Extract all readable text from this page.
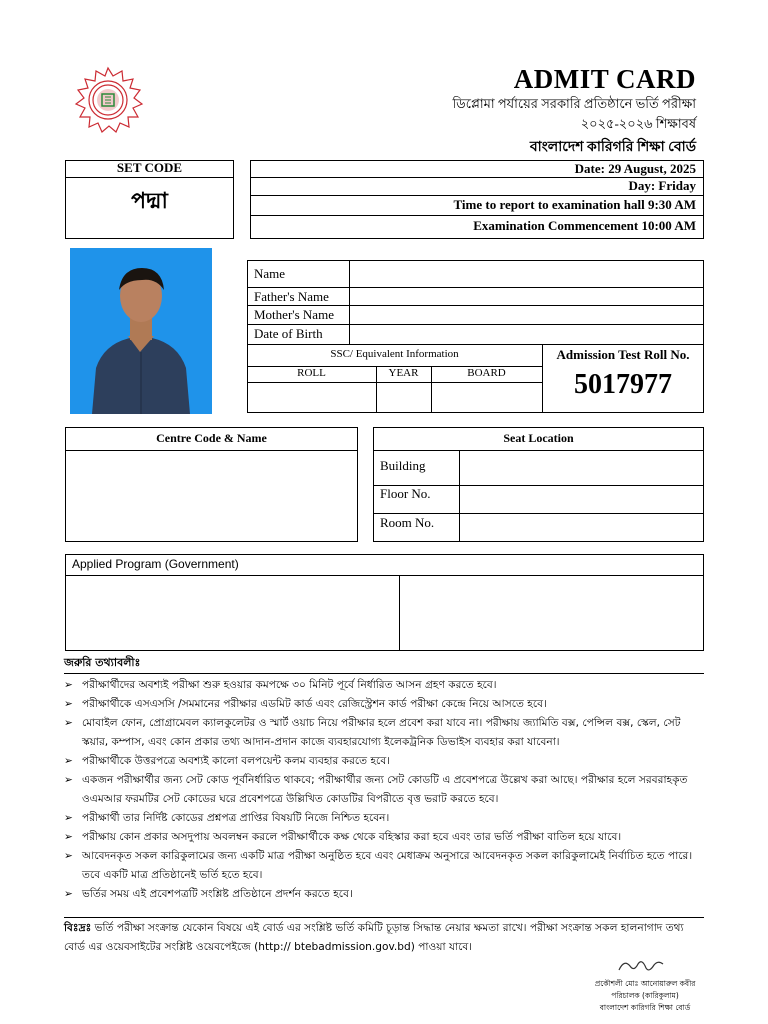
ADMIT CARD
ডিপ্লোমা পর্যায়ের সরকারি প্রতিষ্ঠানে ভর্তি পরীক্ষা
২০২৫-২০২৬ শিক্ষাবর্ষ
বাংলাদেশ কারিগরি শিক্ষা বোর্ড
SET CODE
পদ্মা
Date: 29 August, 2025
Day: Friday
Time to report to examination hall 9:30 AM
Examination Commencement 10:00 AM
Name
Father's Name
Mother's Name
Date of Birth
SSC/ Equivalent Information
ROLL	YEAR	BOARD
Admission Test Roll No.
5017977
Centre Code & Name	Seat Location
Building
Floor No.
Room No.
Applied Program (Government)
জরুরি তথ্যাবলীঃ
➢ পরীক্ষার্থীদের অবশ্যই পরীক্ষা শুরু হওয়ার কমপক্ষে ৩০ মিনিট পূর্বে নির্ধারিত আসন গ্রহণ করতে হবে।
➢ পরীক্ষার্থীকে এসএসসি /সমমানের পরীক্ষার এডমিট কার্ড এবং রেজিস্ট্রেশন কার্ড পরীক্ষা কেন্দ্রে নিয়ে আসতে হবে।
➢ মোবাইল ফোন, প্রোগ্রামেবল ক্যালকুলেটর ও স্মার্ট ওয়াচ নিয়ে পরীক্ষার হলে প্রবেশ করা যাবে না। পরীক্ষায় জ্যামিতি বক্স, পেন্সিল বক্স, স্কেল, সেট স্কয়ার, কম্পাস, এবং কোন প্রকার তথ্য আদান-প্রদান কাজে ব্যবহারযোগ্য ইলেকট্রনিক ডিভাইস ব্যবহার করা যাবেনা।
➢ পরীক্ষার্থীকে উত্তরপত্রে অবশ্যই কালো বলপয়েন্ট কলম ব্যবহার করতে হবে।
➢ একজন পরীক্ষার্থীর জন্য সেট কোড পূর্বনির্ধারিত থাকবে; পরীক্ষার্থীর জন্য সেট কোডটি এ প্রবেশপত্রে উল্লেখ করা আছে। পরীক্ষার হলে সরবরাহকৃত ওএমআর ফরমটির সেট কোডের ঘরে প্রবেশপত্রে উল্লিখিত কোডটির বিপরীতে বৃত্ত ভরাট করতে হবে।
➢ পরীক্ষার্থী তার নির্দিষ্ট কোডের প্রশ্নপত্র প্রাপ্তির বিষয়টি নিজে নিশ্চিত হবেন।
➢ পরীক্ষায় কোন প্রকার অসদুপায় অবলম্বন করলে পরীক্ষার্থীকে কক্ষ থেকে বহিস্কার করা হবে এবং তার ভর্তি পরীক্ষা বাতিল হয়ে যাবে।
➢ আবেদনকৃত সকল কারিকুলামের জন্য একটি মাত্র পরীক্ষা অনুষ্ঠিত হবে এবং মেধাক্রম অনুসারে আবেদনকৃত সকল কারিকুলামেই নির্বাচিত হতে পারে। তবে একটি মাত্র প্রতিষ্ঠানেই ভর্তি হতে হবে।
➢ ভর্তির সময় এই প্রবেশপত্রটি সংশ্লিষ্ট প্রতিষ্ঠানে প্রদর্শন করতে হবে।
বিঃদ্রঃ ভর্তি পরীক্ষা সংক্রান্ত যেকোন বিষয়ে এই বোর্ড এর সংশ্লিষ্ট ভর্তি কমিটি চূড়ান্ত সিদ্ধান্ত নেয়ার ক্ষমতা রাখে। পরীক্ষা সংক্রান্ত সকল হালনাগাদ তথ্য বোর্ড এর ওয়েবসাইটের সংশ্লিষ্ট ওয়েবপেইজে (http:// btebadmission.gov.bd) পাওয়া যাবে।
প্রকৌশলী মোঃ আনোয়ারুল কবীর
পরিচালক (কারিকুলাম)
বাংলাদেশ কারিগরি শিক্ষা বোর্ড
